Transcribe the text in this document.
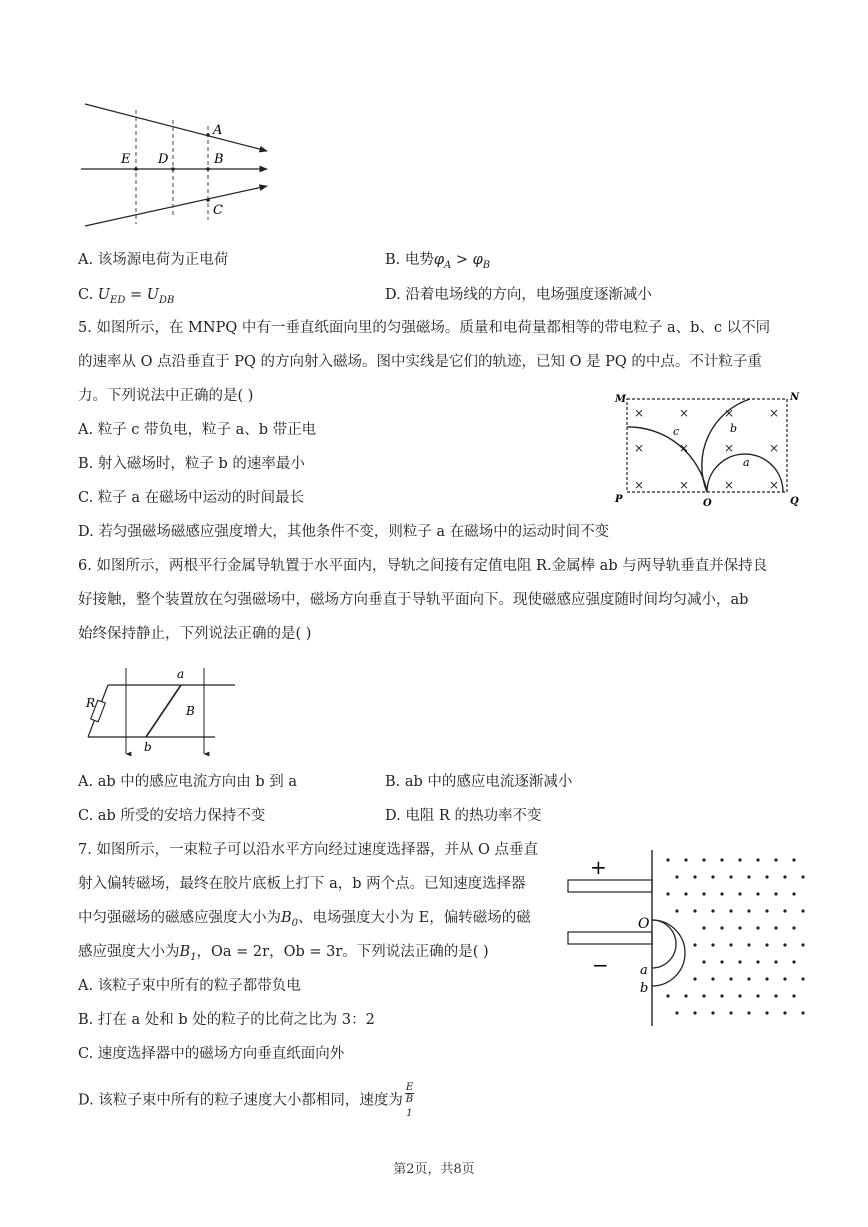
A
B
C
D
E
A. 该场源电荷为正电荷	B. 电势$\varphi_A > \varphi_B$
C. $U_{ED} = U_{DB}$	D. 沿着电场线的方向，电场强度逐渐减小
5. 如图所示，在 MNPQ 中有一垂直纸面向里的匀强磁场。质量和电荷量都相等的带电粒子 a、b、c 以不同
的速率从 O 点沿垂直于 PQ 的方向射入磁场。图中实线是它们的轨迹，已知 O 是 PQ 的中点。不计粒子重
力。下列说法中正确的是( )
A. 粒子 c 带负电，粒子 a、b 带正电
B. 射入磁场时，粒子 b 的速率最小
C. 粒子 a 在磁场中运动的时间最长
D. 若匀强磁场磁感应强度增大，其他条件不变，则粒子 a 在磁场中的运动时间不变
×	×	×	×
×	×	×	×
×	×	×	×
M	N
P	Q
O
a
b
c
6. 如图所示，两根平行金属导轨置于水平面内，导轨之间接有定值电阻 R.金属棒 ab 与两导轨垂直并保持良
好接触，整个装置放在匀强磁场中，磁场方向垂直于导轨平面向下。现使磁感应强度随时间均匀减小，ab
始终保持静止，下列说法正确的是( )
R
a
b
B
A. ab 中的感应电流方向由 b 到 a	B. ab 中的感应电流逐渐减小
C. ab 所受的安培力保持不变	D. 电阻 R 的热功率不变
7. 如图所示，一束粒子可以沿水平方向经过速度选择器，并从 O 点垂直
射入偏转磁场，最终在胶片底板上打下 a，b 两个点。已知速度选择器
中匀强磁场的磁感应强度大小为$B_0$、电场强度大小为 E，偏转磁场的磁
感应强度大小为$B_1$，Oa = 2r，Ob = 3r。下列说法正确的是( )
A. 该粒子束中所有的粒子都带负电
B. 打在 a 处和 b 处的粒子的比荷之比为 3：2
C. 速度选择器中的磁场方向垂直纸面向外
D. 该粒子束中所有的粒子速度大小都相同，速度为 E
B
$_1$
+
−
O
a
b
第2页，共8页
